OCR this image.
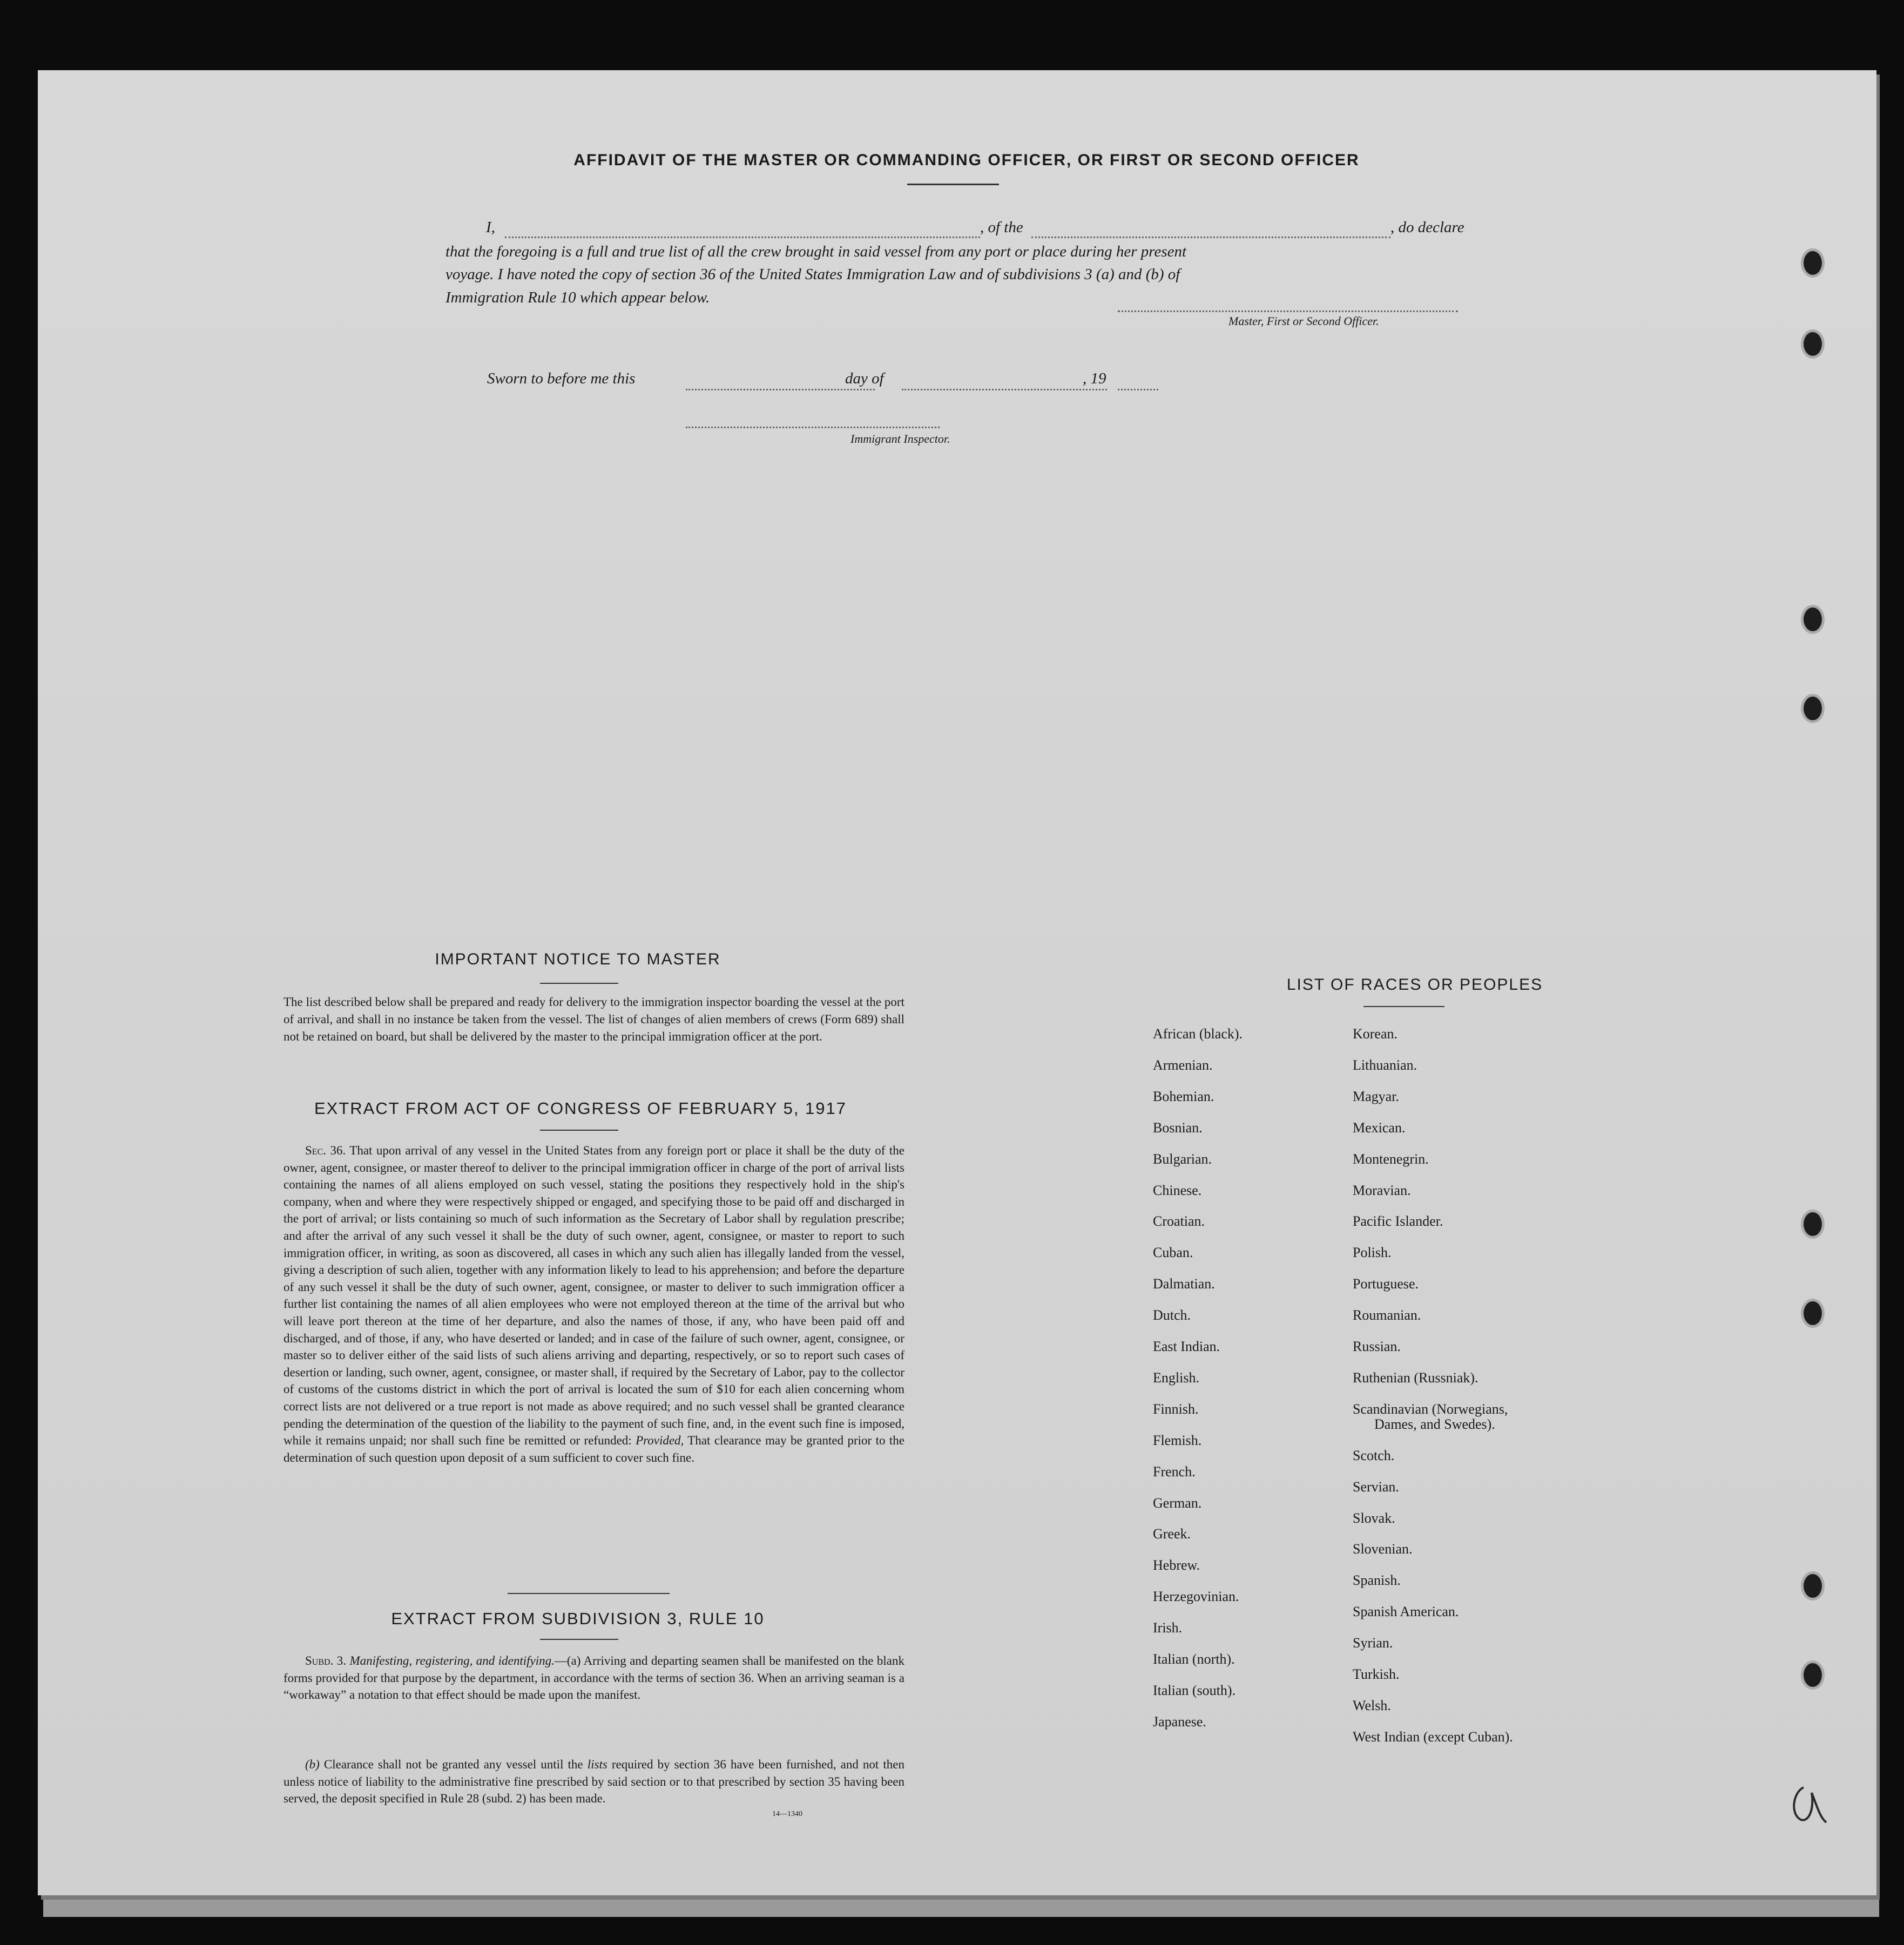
AFFIDAVIT OF THE MASTER OR COMMANDING OFFICER, OR FIRST OR SECOND OFFICER
I,	, of the	, do declare
that the foregoing is a full and true list of all the crew brought in said vessel from any port or place during her present
voyage. I have noted the copy of section 36 of the United States Immigration Law and of subdivisions 3 (a) and (b) of
Immigration Rule 10 which appear below.
Master, First or Second Officer.
Sworn to before me this	day of	, 19
Immigrant Inspector.
IMPORTANT NOTICE TO MASTER
The list described below shall be prepared and ready for delivery to the immigration inspector boarding the vessel at the port of arrival, and shall in no instance be taken from the vessel. The list of changes of alien members of crews (Form 689) shall not be retained on board, but shall be delivered by the master to the principal immigration officer at the port.
EXTRACT FROM ACT OF CONGRESS OF FEBRUARY 5, 1917
Sec. 36. That upon arrival of any vessel in the United States from any foreign port or place it shall be the duty of the owner, agent, consignee, or master thereof to deliver to the principal immigration officer in charge of the port of arrival lists containing the names of all aliens employed on such vessel, stating the positions they respectively hold in the ship's company, when and where they were respectively shipped or engaged, and specifying those to be paid off and discharged in the port of arrival; or lists containing so much of such information as the Secretary of Labor shall by regulation prescribe; and after the arrival of any such vessel it shall be the duty of such owner, agent, consignee, or master to report to such immigration officer, in writing, as soon as discovered, all cases in which any such alien has illegally landed from the vessel, giving a description of such alien, together with any information likely to lead to his apprehension; and before the departure of any such vessel it shall be the duty of such owner, agent, consignee, or master to deliver to such immigration officer a further list containing the names of all alien employees who were not employed thereon at the time of the arrival but who will leave port thereon at the time of her departure, and also the names of those, if any, who have been paid off and discharged, and of those, if any, who have deserted or landed; and in case of the failure of such owner, agent, consignee, or master so to deliver either of the said lists of such aliens arriving and departing, respectively, or so to report such cases of desertion or landing, such owner, agent, consignee, or master shall, if required by the Secretary of Labor, pay to the collector of customs of the customs district in which the port of arrival is located the sum of $10 for each alien concerning whom correct lists are not delivered or a true report is not made as above required; and no such vessel shall be granted clearance pending the determination of the question of the liability to the payment of such fine, and, in the event such fine is imposed, while it remains unpaid; nor shall such fine be remitted or refunded: Provided, That clearance may be granted prior to the determination of such question upon deposit of a sum sufficient to cover such fine.
EXTRACT FROM SUBDIVISION 3, RULE 10
Subd. 3. Manifesting, registering, and identifying.—(a) Arriving and departing seamen shall be manifested on the blank forms provided for that purpose by the department, in accordance with the terms of section 36. When an arriving seaman is a “workaway” a notation to that effect should be made upon the manifest.
(b) Clearance shall not be granted any vessel until the lists required by section 36 have been furnished, and not then unless notice of liability to the administrative fine prescribed by said section or to that prescribed by section 35 having been served, the deposit specified in Rule 28 (subd. 2) has been made.
14—1340
LIST OF RACES OR PEOPLES
African (black).
Armenian.
Bohemian.
Bosnian.
Bulgarian.
Chinese.
Croatian.
Cuban.
Dalmatian.
Dutch.
East Indian.
English.
Finnish.
Flemish.
French.
German.
Greek.
Hebrew.
Herzegovinian.
Irish.
Italian (north).
Italian (south).
Japanese.
Korean.
Lithuanian.
Magyar.
Mexican.
Montenegrin.
Moravian.
Pacific Islander.
Polish.
Portuguese.
Roumanian.
Russian.
Ruthenian (Russniak).
Scandinavian (Norwegians,
Dames, and Swedes).
Scotch.
Servian.
Slovak.
Slovenian.
Spanish.
Spanish American.
Syrian.
Turkish.
Welsh.
West Indian (except Cuban).
